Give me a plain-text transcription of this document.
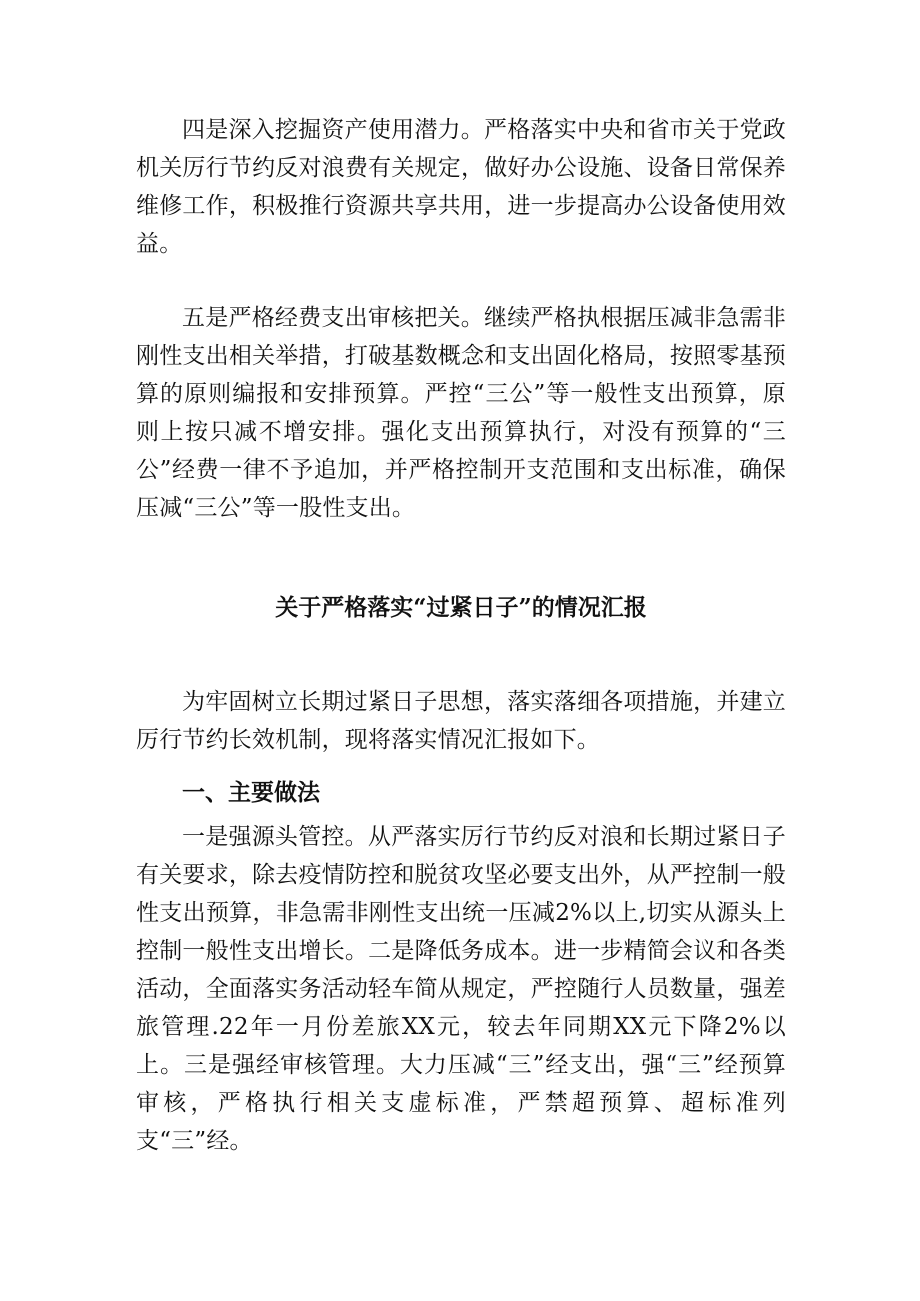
四是深入挖掘资产使用潜力。严格落实中央和省市关于党政机关厉行节约反对浪费有关规定，做好办公设施、设备日常保养维修工作，积极推行资源共享共用，进一步提高办公设备使用效益。

五是严格经费支出审核把关。继续严格执根据压减非急需非刚性支出相关举措，打破基数概念和支出固化格局，按照零基预算的原则编报和安排预算。严控“三公”等一般性支出预算，原则上按只减不增安排。强化支出预算执行，对没有预算的“三公”经费一律不予追加，并严格控制开支范围和支出标准，确保压减“三公”等一股性支出。

关于严格落实“过紧日子”的情况汇报

为牢固树立长期过紧日子思想，落实落细各项措施，并建立厉行节约长效机制，现将落实情况汇报如下。

一、主要做法

一是强源头管控。从严落实厉行节约反对浪和长期过紧日子有关要求，除去疫情防控和脱贫攻坚必要支出外，从严控制一般性支出预算，非急需非刚性支出统一压减2%以上,切实从源头上控制一般性支出增长。二是降低务成本。进一步精简会议和各类活动，全面落实务活动轻车简从规定，严控随行人员数量，强差旅管理.22年一月份差旅XX元，较去年同期XX元下降2%以上。三是强经审核管理。大力压减“三”经支出，强“三”经预算审核，严格执行相关支虚标准，严禁超预算、超标准列支“三”经。
